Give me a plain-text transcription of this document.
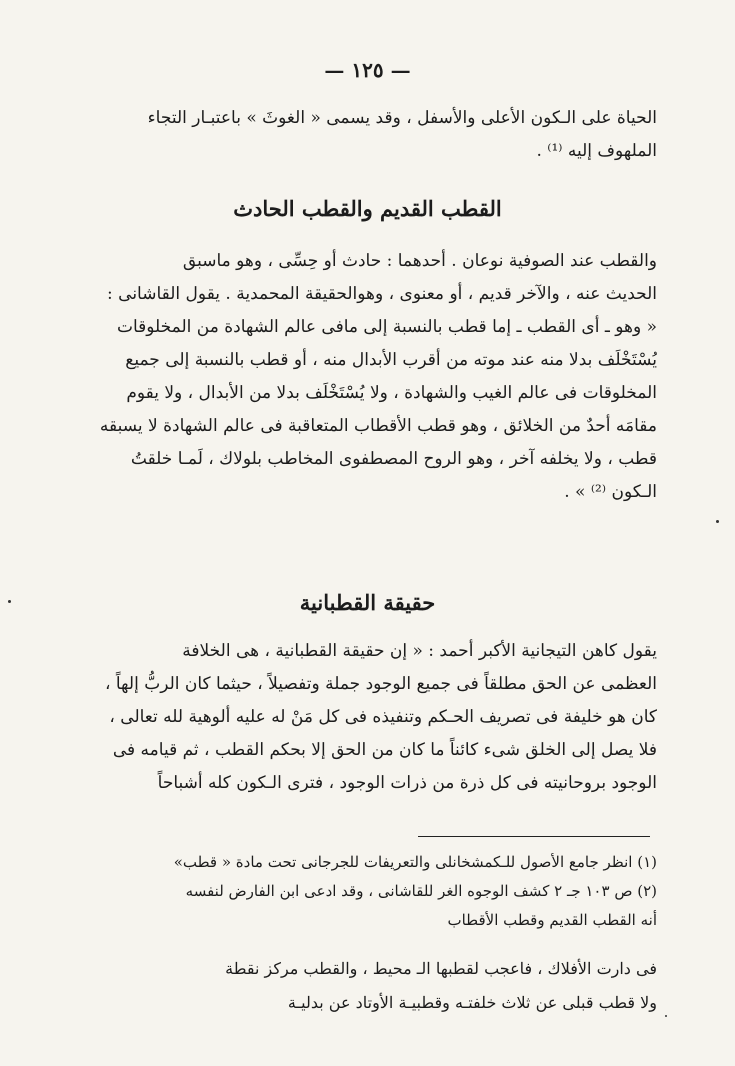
— ١٢٥ —
الحياة على الـكون الأعلى والأسفل ، وقد يسمى « الغوثَ » باعتبـار التجاء
الملهوف إليه ⁽¹⁾ .
القطب القديم والقطب الحادث
والقطب عند الصوفية نوعان . أحدهما : حادث أو حِسِّى ، وهو ماسبق
الحديث عنه ، والآخر قديم ، أو معنوى ، وهوالحقيقة المحمدية . يقول القاشانى :
« وهو ـ أى القطب ـ إما قطب بالنسبة إلى مافى عالم الشهادة من المخلوقات
يُسْتَخْلَف بدلا منه عند موته من أقرب الأبدال منه ، أو قطب بالنسبة إلى جميع
المخلوقات فى عالم الغيب والشهادة ، ولا يُسْتَخْلَف بدلا من الأبدال ، ولا يقوم
مقامَه أحدٌ من الخلائق ، وهو قطب الأقطاب المتعاقبة فى عالم الشهادة لا يسبقه
قطب ، ولا يخلفه آخر ، وهو الروح المصطفوى المخاطب بلولاك ، لَمـا خلقتُ
الـكون ⁽²⁾ » .
حقيقة القطبانية
يقول كاهن التيجانية الأكبر أحمد : « إن حقيقة القطبانية ، هى الخلافة
العظمى عن الحق مطلقاً فى جميع الوجود جملة وتفصيلاً ، حيثما كان الربُّ إلهاً ،
كان هو خليفة فى تصريف الحـكم وتنفيذه فى كل مَنْ له عليه ألوهية لله تعالى ،
فلا يصل إلى الخلق شىء كائناً ما كان من الحق إلا بحكم القطب ، ثم قيامه فى
الوجود بروحانيته فى كل ذرة من ذرات الوجود ، فترى الـكون كله أشباحاً
(١) انظر جامع الأصول للـكمشخانلى والتعريفات للجرجانى تحت مادة « قطب»
(٢) ص ١٠٣ جـ ٢ كشف الوجوه الغر للقاشانى ، وقد ادعى ابن الفارض لنفسه
أنه القطب القديم وقطب الأقطاب
فى دارت الأفلاك ، فاعجب لقطبها الـ محيط ، والقطب مركز نقطة
ولا قطب قبلى عن ثلاث خلفتـه وقطبيـة الأوتاد عن بدليـة
